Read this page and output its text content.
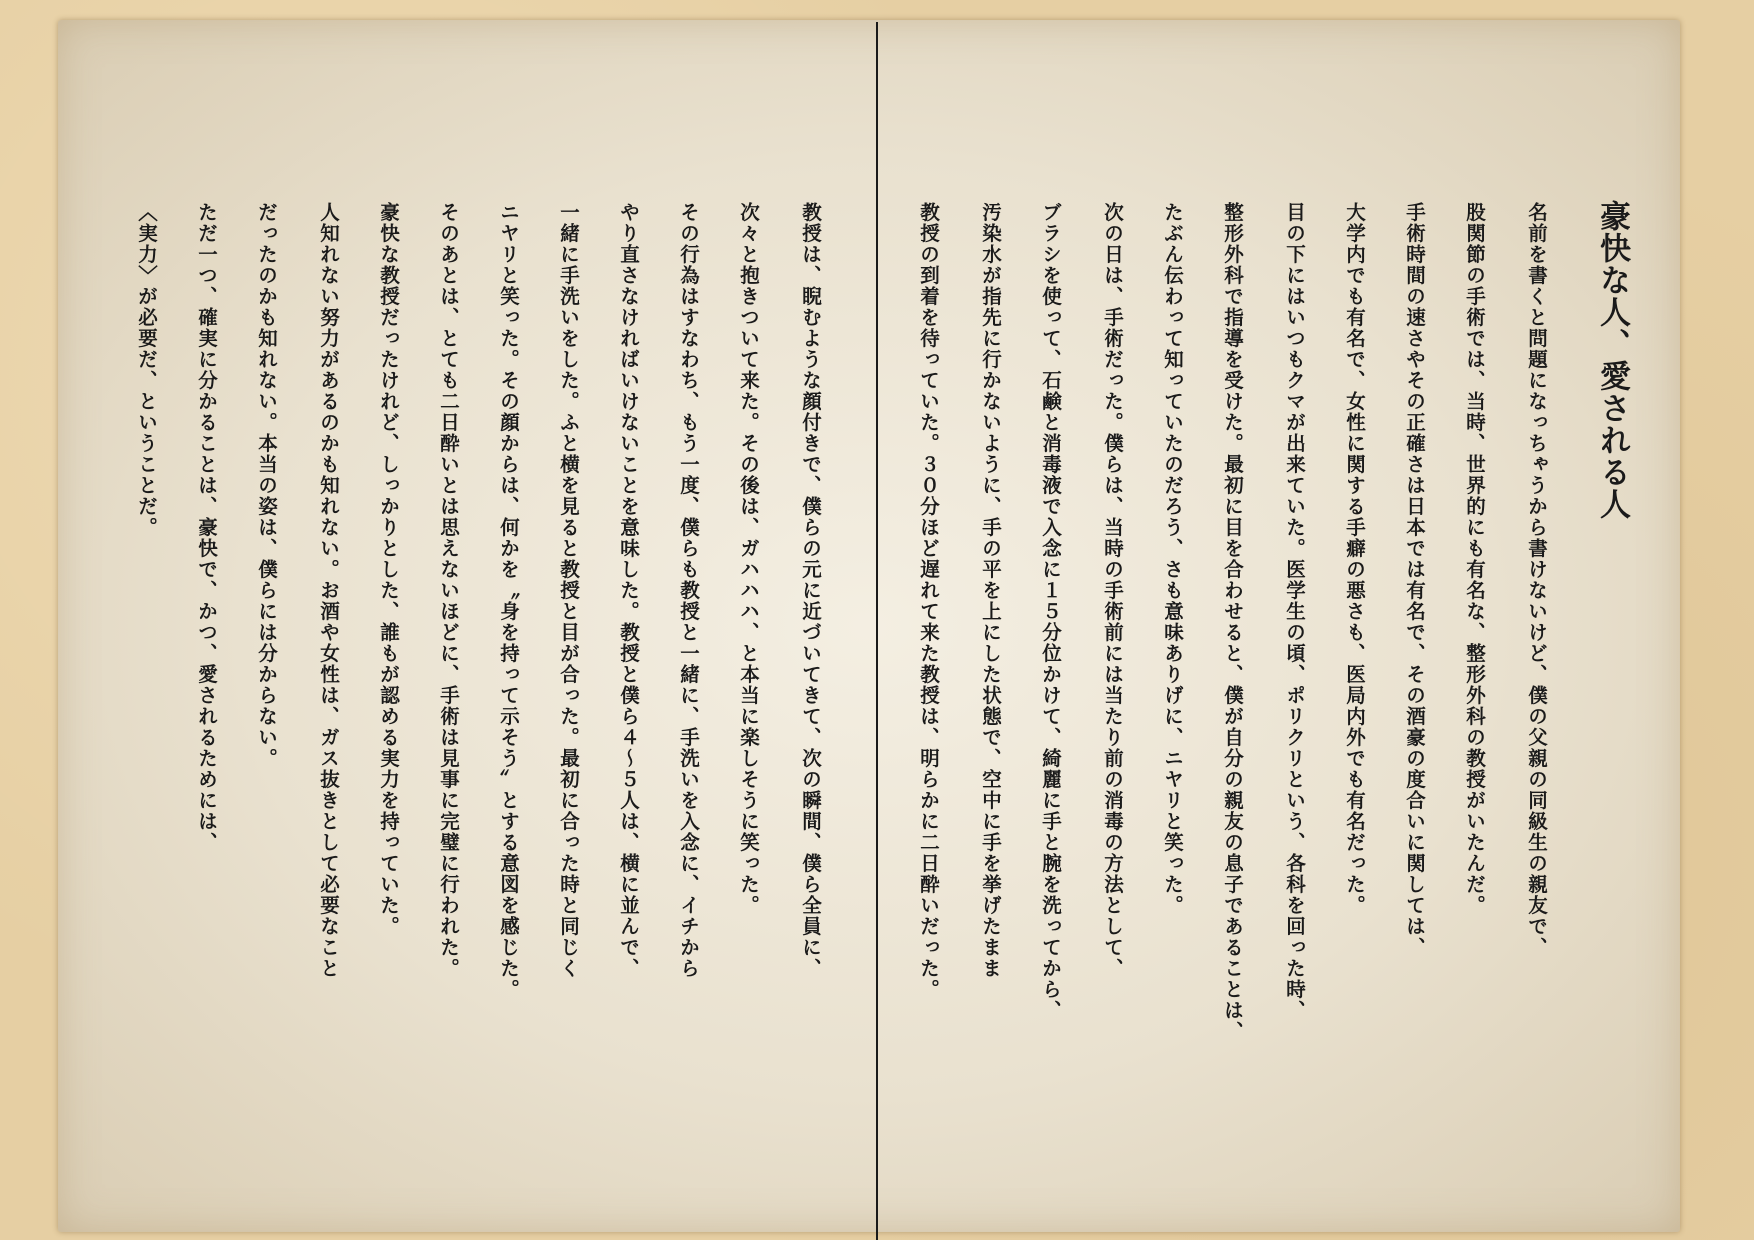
豪快な人、愛される人
名前を書くと問題になっちゃうから書けないけど、僕の父親の同級生の親友で、
股関節の手術では、当時、世界的にも有名な、整形外科の教授がいたんだ。
手術時間の速さやその正確さは日本では有名で、その酒豪の度合いに関しては、
大学内でも有名で、女性に関する手癖の悪さも、医局内外でも有名だった。
目の下にはいつもクマが出来ていた。医学生の頃、ポリクリという、各科を回った時、
整形外科で指導を受けた。最初に目を合わせると、僕が自分の親友の息子であることは、
たぶん伝わって知っていたのだろう、さも意味ありげに、ニヤリと笑った。
次の日は、手術だった。僕らは、当時の手術前には当たり前の消毒の方法として、
ブラシを使って、石鹸と消毒液で入念に１５分位かけて、綺麗に手と腕を洗ってから、
汚染水が指先に行かないように、手の平を上にした状態で、空中に手を挙げたまま
教授の到着を待っていた。３０分ほど遅れて来た教授は、明らかに二日酔いだった。
教授は、睨むような顔付きで、僕らの元に近づいてきて、次の瞬間、僕ら全員に、
次々と抱きついて来た。その後は、ガハハハ、と本当に楽しそうに笑った。
その行為はすなわち、もう一度、僕らも教授と一緒に、手洗いを入念に、イチから
やり直さなければいけないことを意味した。教授と僕ら４～５人は、横に並んで、
一緒に手洗いをした。ふと横を見ると教授と目が合った。最初に合った時と同じく
ニヤリと笑った。その顔からは、何かを〝身を持って示そう〟とする意図を感じた。
そのあとは、とても二日酔いとは思えないほどに、手術は見事に完璧に行われた。
豪快な教授だったけれど、しっかりとした、誰もが認める実力を持っていた。
人知れない努力があるのかも知れない。お酒や女性は、ガス抜きとして必要なこと
だったのかも知れない。本当の姿は、僕らには分からない。
ただ一つ、確実に分かることは、豪快で、かつ、愛されるためには、
〈実力〉が必要だ、ということだ。
